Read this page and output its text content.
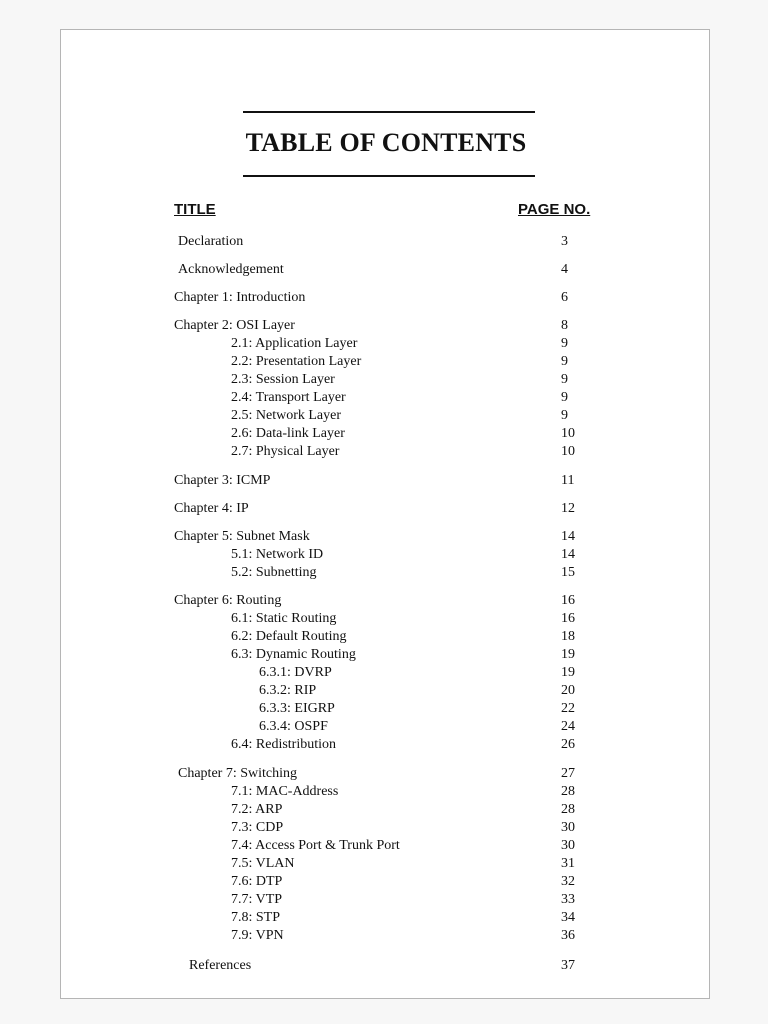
TABLE OF CONTENTS
TITLE	PAGE NO.
Declaration	3
Acknowledgement	4
Chapter 1: Introduction	6
Chapter 2: OSI Layer	8
2.1: Application Layer	9
2.2: Presentation Layer	9
2.3: Session Layer	9
2.4: Transport Layer	9
2.5: Network Layer	9
2.6: Data-link Layer	10
2.7: Physical Layer	10
Chapter 3: ICMP	11
Chapter 4: IP	12
Chapter 5: Subnet Mask	14
5.1: Network ID	14
5.2: Subnetting	15
Chapter 6: Routing	16
6.1: Static Routing	16
6.2: Default Routing	18
6.3: Dynamic Routing	19
6.3.1: DVRP	19
6.3.2: RIP	20
6.3.3: EIGRP	22
6.3.4: OSPF	24
6.4: Redistribution	26
Chapter 7: Switching	27
7.1: MAC-Address	28
7.2: ARP	28
7.3: CDP	30
7.4: Access Port & Trunk Port	30
7.5: VLAN	31
7.6: DTP	32
7.7: VTP	33
7.8: STP	34
7.9: VPN	36
References	37
